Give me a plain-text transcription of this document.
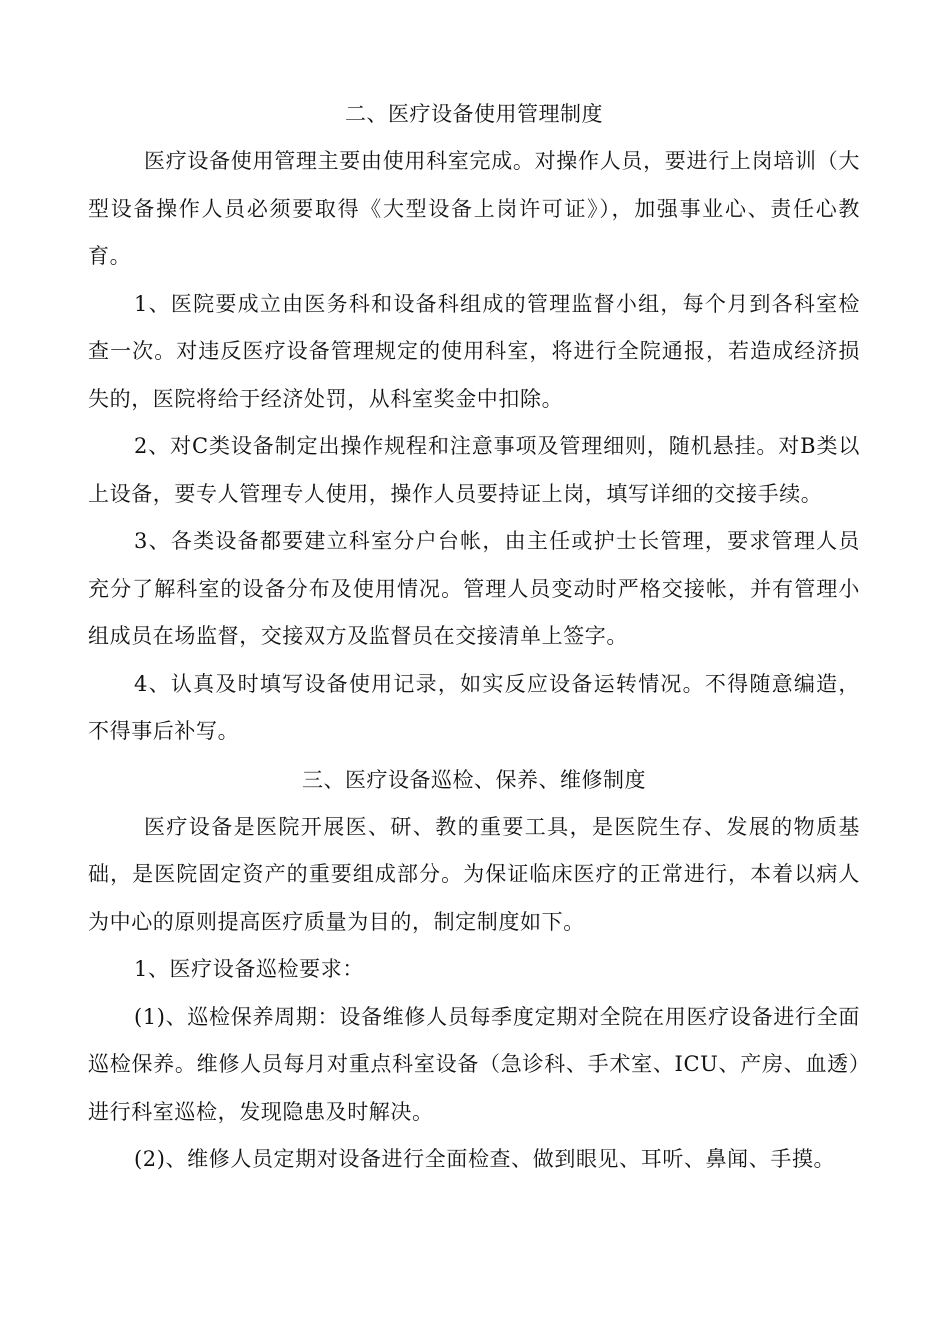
二、医疗设备使用管理制度

医疗设备使用管理主要由使用科室完成。对操作人员，要进行上岗培训（大型设备操作人员必须要取得《大型设备上岗许可证》），加强事业心、责任心教育。

1、医院要成立由医务科和设备科组成的管理监督小组，每个月到各科室检查一次。对违反医疗设备管理规定的使用科室，将进行全院通报，若造成经济损失的，医院将给于经济处罚，从科室奖金中扣除。

2、对C类设备制定出操作规程和注意事项及管理细则，随机悬挂。对B类以上设备，要专人管理专人使用，操作人员要持证上岗，填写详细的交接手续。

3、各类设备都要建立科室分户台帐，由主任或护士长管理，要求管理人员充分了解科室的设备分布及使用情况。管理人员变动时严格交接帐，并有管理小组成员在场监督，交接双方及监督员在交接清单上签字。

4、认真及时填写设备使用记录，如实反应设备运转情况。不得随意编造，不得事后补写。

三、医疗设备巡检、保养、维修制度

医疗设备是医院开展医、研、教的重要工具，是医院生存、发展的物质基础，是医院固定资产的重要组成部分。为保证临床医疗的正常进行，本着以病人为中心的原则提高医疗质量为目的，制定制度如下。

1、医疗设备巡检要求：

(1)、巡检保养周期：设备维修人员每季度定期对全院在用医疗设备进行全面巡检保养。维修人员每月对重点科室设备（急诊科、手术室、ICU、产房、血透）进行科室巡检，发现隐患及时解决。

(2)、维修人员定期对设备进行全面检查、做到眼见、耳听、鼻闻、手摸。
